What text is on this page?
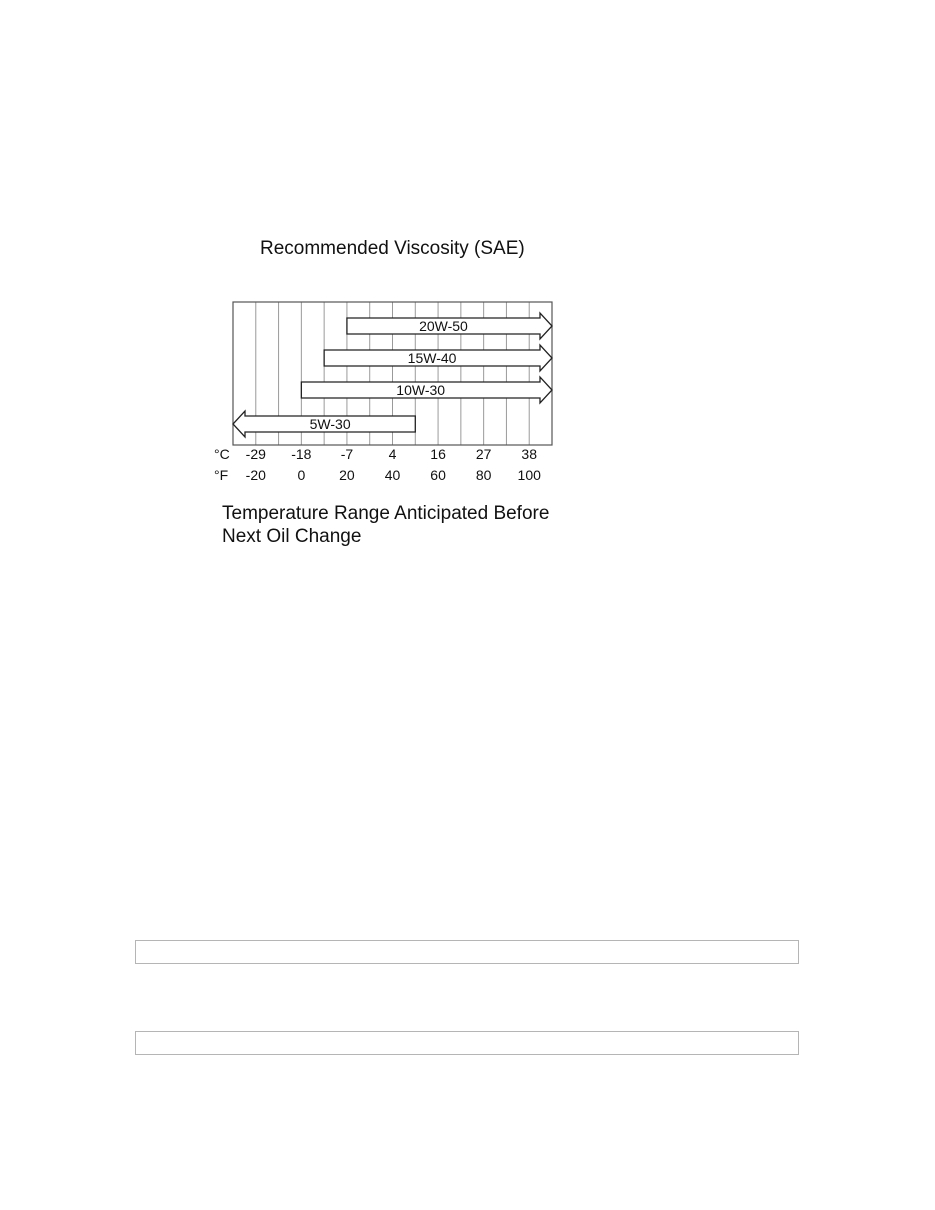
Recommended Viscosity (SAE)
20W-50
15W-40
10W-30
5W-30
°C
°F
-29
-20
-18
0
-7
20
4
40
16
60
27
80
38
100
Temperature Range Anticipated Before
Next Oil Change
